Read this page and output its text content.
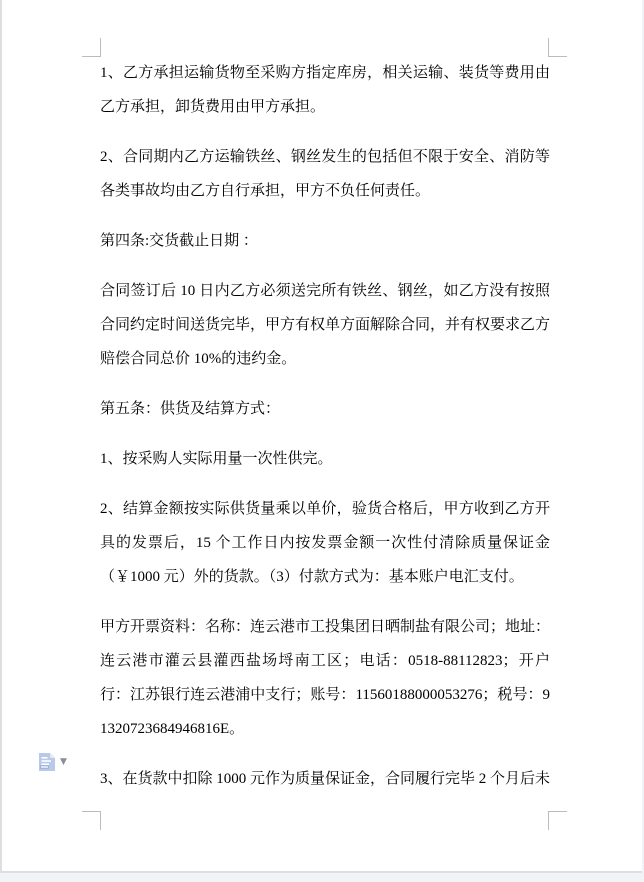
1、乙方承担运输货物至采购方指定库房，相关运输、装货等费用由乙方承担，卸货费用由甲方承担。

2、合同期内乙方运输铁丝、钢丝发生的包括但不限于安全、消防等各类事故均由乙方自行承担，甲方不负任何责任。

第四条:交货截止日期 ：

合同签订后 10 日内乙方必须送完所有铁丝、钢丝，如乙方没有按照合同约定时间送货完毕，甲方有权单方面解除合同，并有权要求乙方赔偿合同总价 10%的违约金。

第五条：供货及结算方式：

1、按采购人实际用量一次性供完。

2、结算金额按实际供货量乘以单价，验货合格后，甲方收到乙方开具的发票后，15 个工作日内按发票金额一次性付清除质量保证金（￥1000 元）外的货款。（3）付款方式为：基本账户电汇支付。

甲方开票资料：名称：连云港市工投集团日晒制盐有限公司；地址：连云港市灌云县灌西盐场埒南工区；电话：0518-88112823；开户行：江苏银行连云港浦中支行；账号：11560188000053276；税号：91320723684946816E。

3、在货款中扣除 1000 元作为质量保证金，合同履行完毕 2 个月后未

▼
